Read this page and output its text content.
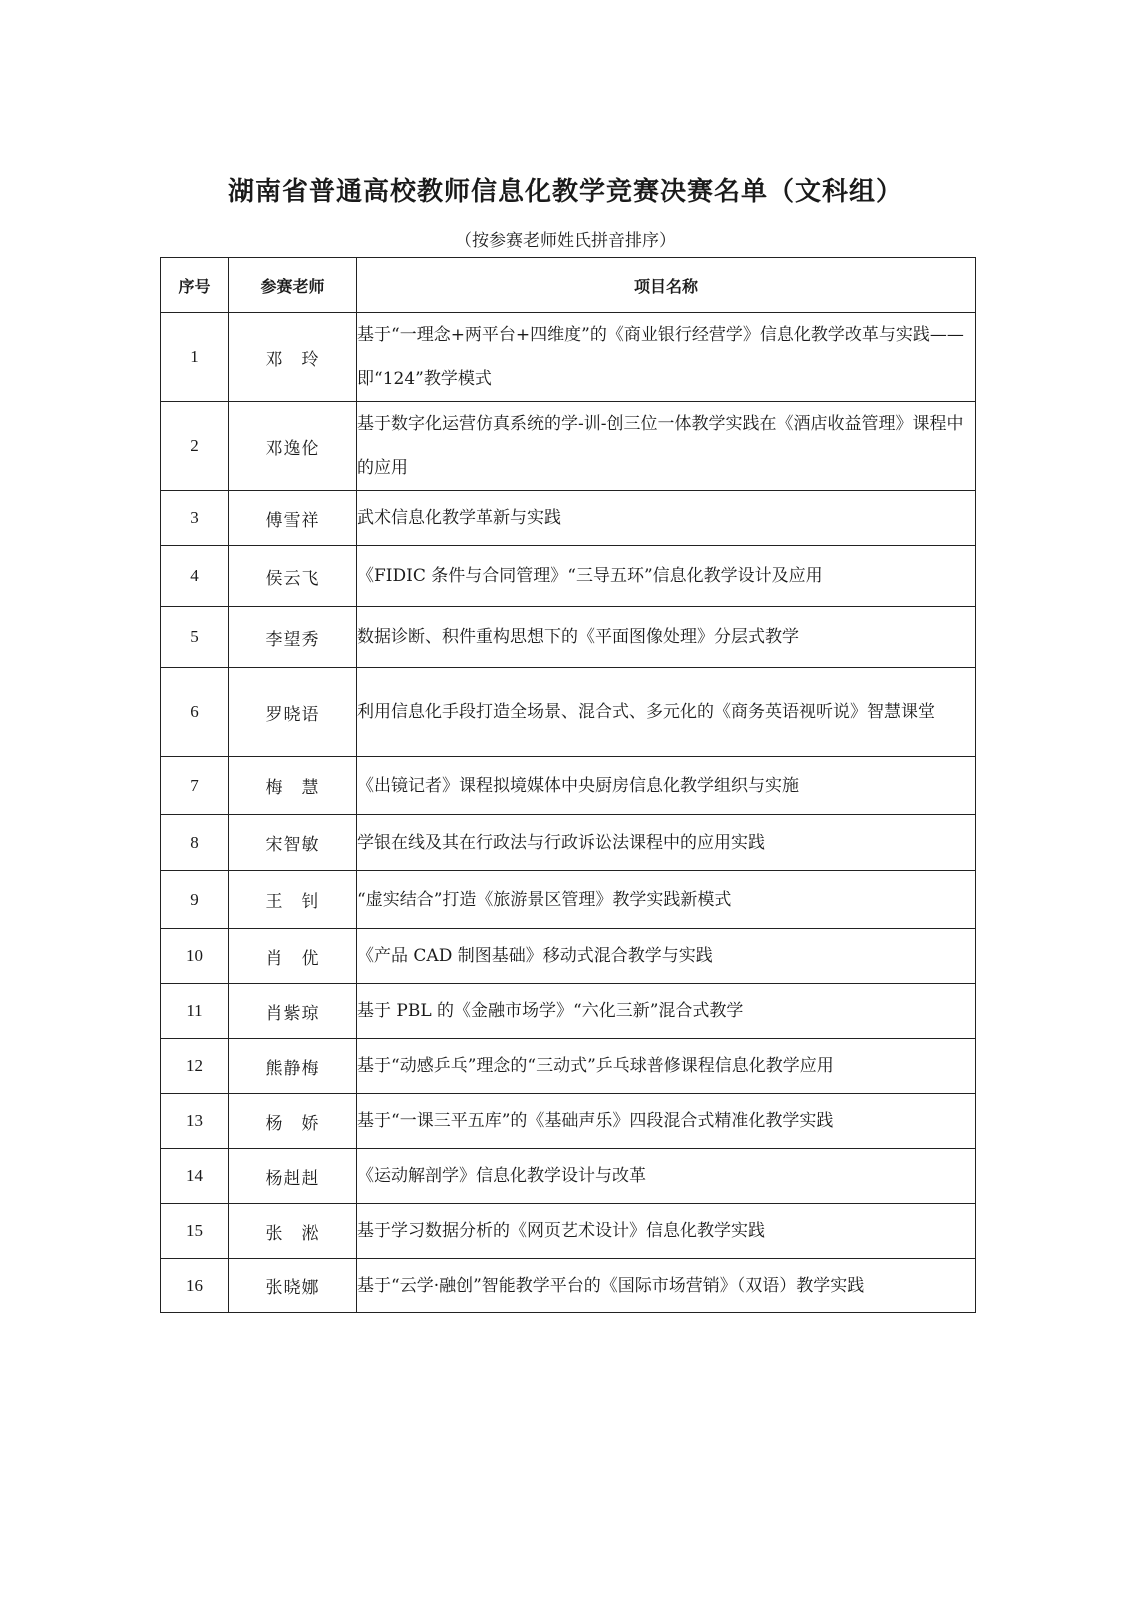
湖南省普通高校教师信息化教学竞赛决赛名单（文科组）
（按参赛老师姓氏拼音排序）
序号	参赛老师	项目名称
1	邓　玲	基于“一理念+两平台+四维度”的《商业银行经营学》信息化教学改革与实践——即“124”教学模式
2	邓逸伦	基于数字化运营仿真系统的学-训-创三位一体教学实践在《酒店收益管理》课程中的应用
3	傅雪祥	武术信息化教学革新与实践
4	侯云飞	《FIDIC 条件与合同管理》“三导五环”信息化教学设计及应用
5	李望秀	数据诊断、积件重构思想下的《平面图像处理》分层式教学
6	罗晓语	利用信息化手段打造全场景、混合式、多元化的《商务英语视听说》智慧课堂
7	梅　慧	《出镜记者》课程拟境媒体中央厨房信息化教学组织与实施
8	宋智敏	学银在线及其在行政法与行政诉讼法课程中的应用实践
9	王　钊	“虚实结合”打造《旅游景区管理》教学实践新模式
10	肖　优	《产品 CAD 制图基础》移动式混合教学与实践
11	肖紫琼	基于 PBL 的《金融市场学》“六化三新”混合式教学
12	熊静梅	基于“动感乒乓”理念的“三动式”乒乓球普修课程信息化教学应用
13	杨　娇	基于“一课三平五库”的《基础声乐》四段混合式精准化教学实践
14	杨赳赳	《运动解剖学》信息化教学设计与改革
15	张　淞	基于学习数据分析的《网页艺术设计》信息化教学实践
16	张晓娜	基于“云学·融创”智能教学平台的《国际市场营销》（双语）教学实践
